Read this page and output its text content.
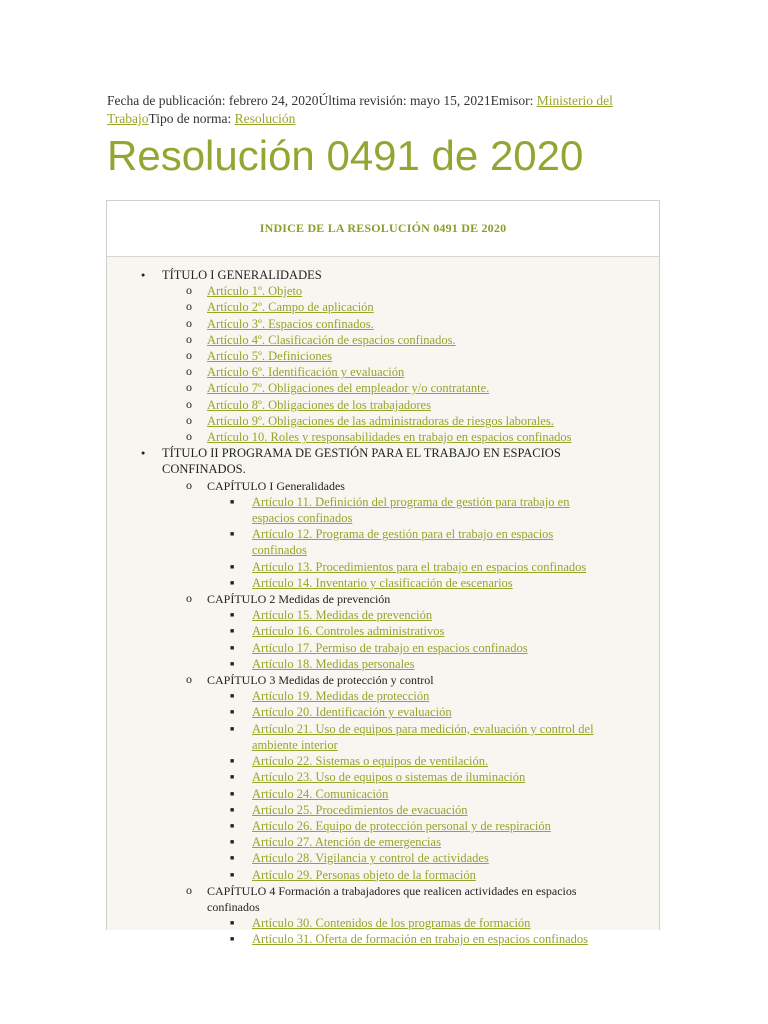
Fecha de publicación: febrero 24, 2020Última revisión: mayo 15, 2021Emisor: Ministerio del TrabajoTipo de norma: Resolución
Resolución 0491 de 2020
INDICE DE LA RESOLUCIÓN 0491 DE 2020
● TÍTULO I GENERALIDADES
o Artículo 1º. Objeto
o Artículo 2º. Campo de aplicación
o Artículo 3º. Espacios confinados.
o Artículo 4º. Clasificación de espacios confinados.
o Artículo 5º. Definiciones
o Artículo 6º. Identificación y evaluación
o Artículo 7º. Obligaciones del empleador y/o contratante.
o Artículo 8º. Obligaciones de los trabajadores
o Artículo 9º. Obligaciones de las administradoras de riesgos laborales.
o Artículo 10. Roles y responsabilidades en trabajo en espacios confinados
● TÍTULO II PROGRAMA DE GESTIÓN PARA EL TRABAJO EN ESPACIOS CONFINADOS.
o CAPÍTULO I Generalidades
■ Artículo 11. Definición del programa de gestión para trabajo en espacios confinados
■ Artículo 12. Programa de gestión para el trabajo en espacios confinados
■ Artículo 13. Procedimientos para el trabajo en espacios confinados
■ Artículo 14. Inventario y clasificación de escenarios
o CAPÍTULO 2 Medidas de prevención
■ Artículo 15. Medidas de prevención
■ Artículo 16. Controles administrativos
■ Artículo 17. Permiso de trabajo en espacios confinados
■ Artículo 18. Medidas personales
o CAPÍTULO 3 Medidas de protección y control
■ Artículo 19. Medidas de protección
■ Artículo 20. Identificación y evaluación
■ Artículo 21. Uso de equipos para medición, evaluación y control del ambiente interior
■ Artículo 22. Sistemas o equipos de ventilación.
■ Artículo 23. Uso de equipos o sistemas de iluminación
■ Artículo 24. Comunicación
■ Artículo 25. Procedimientos de evacuación
■ Artículo 26. Equipo de protección personal y de respiración
■ Artículo 27. Atención de emergencias
■ Artículo 28. Vigilancia y control de actividades
■ Artículo 29. Personas objeto de la formación
o CAPÍTULO 4 Formación a trabajadores que realicen actividades en espacios confinados
■ Artículo 30. Contenidos de los programas de formación
■ Artículo 31. Oferta de formación en trabajo en espacios confinados
